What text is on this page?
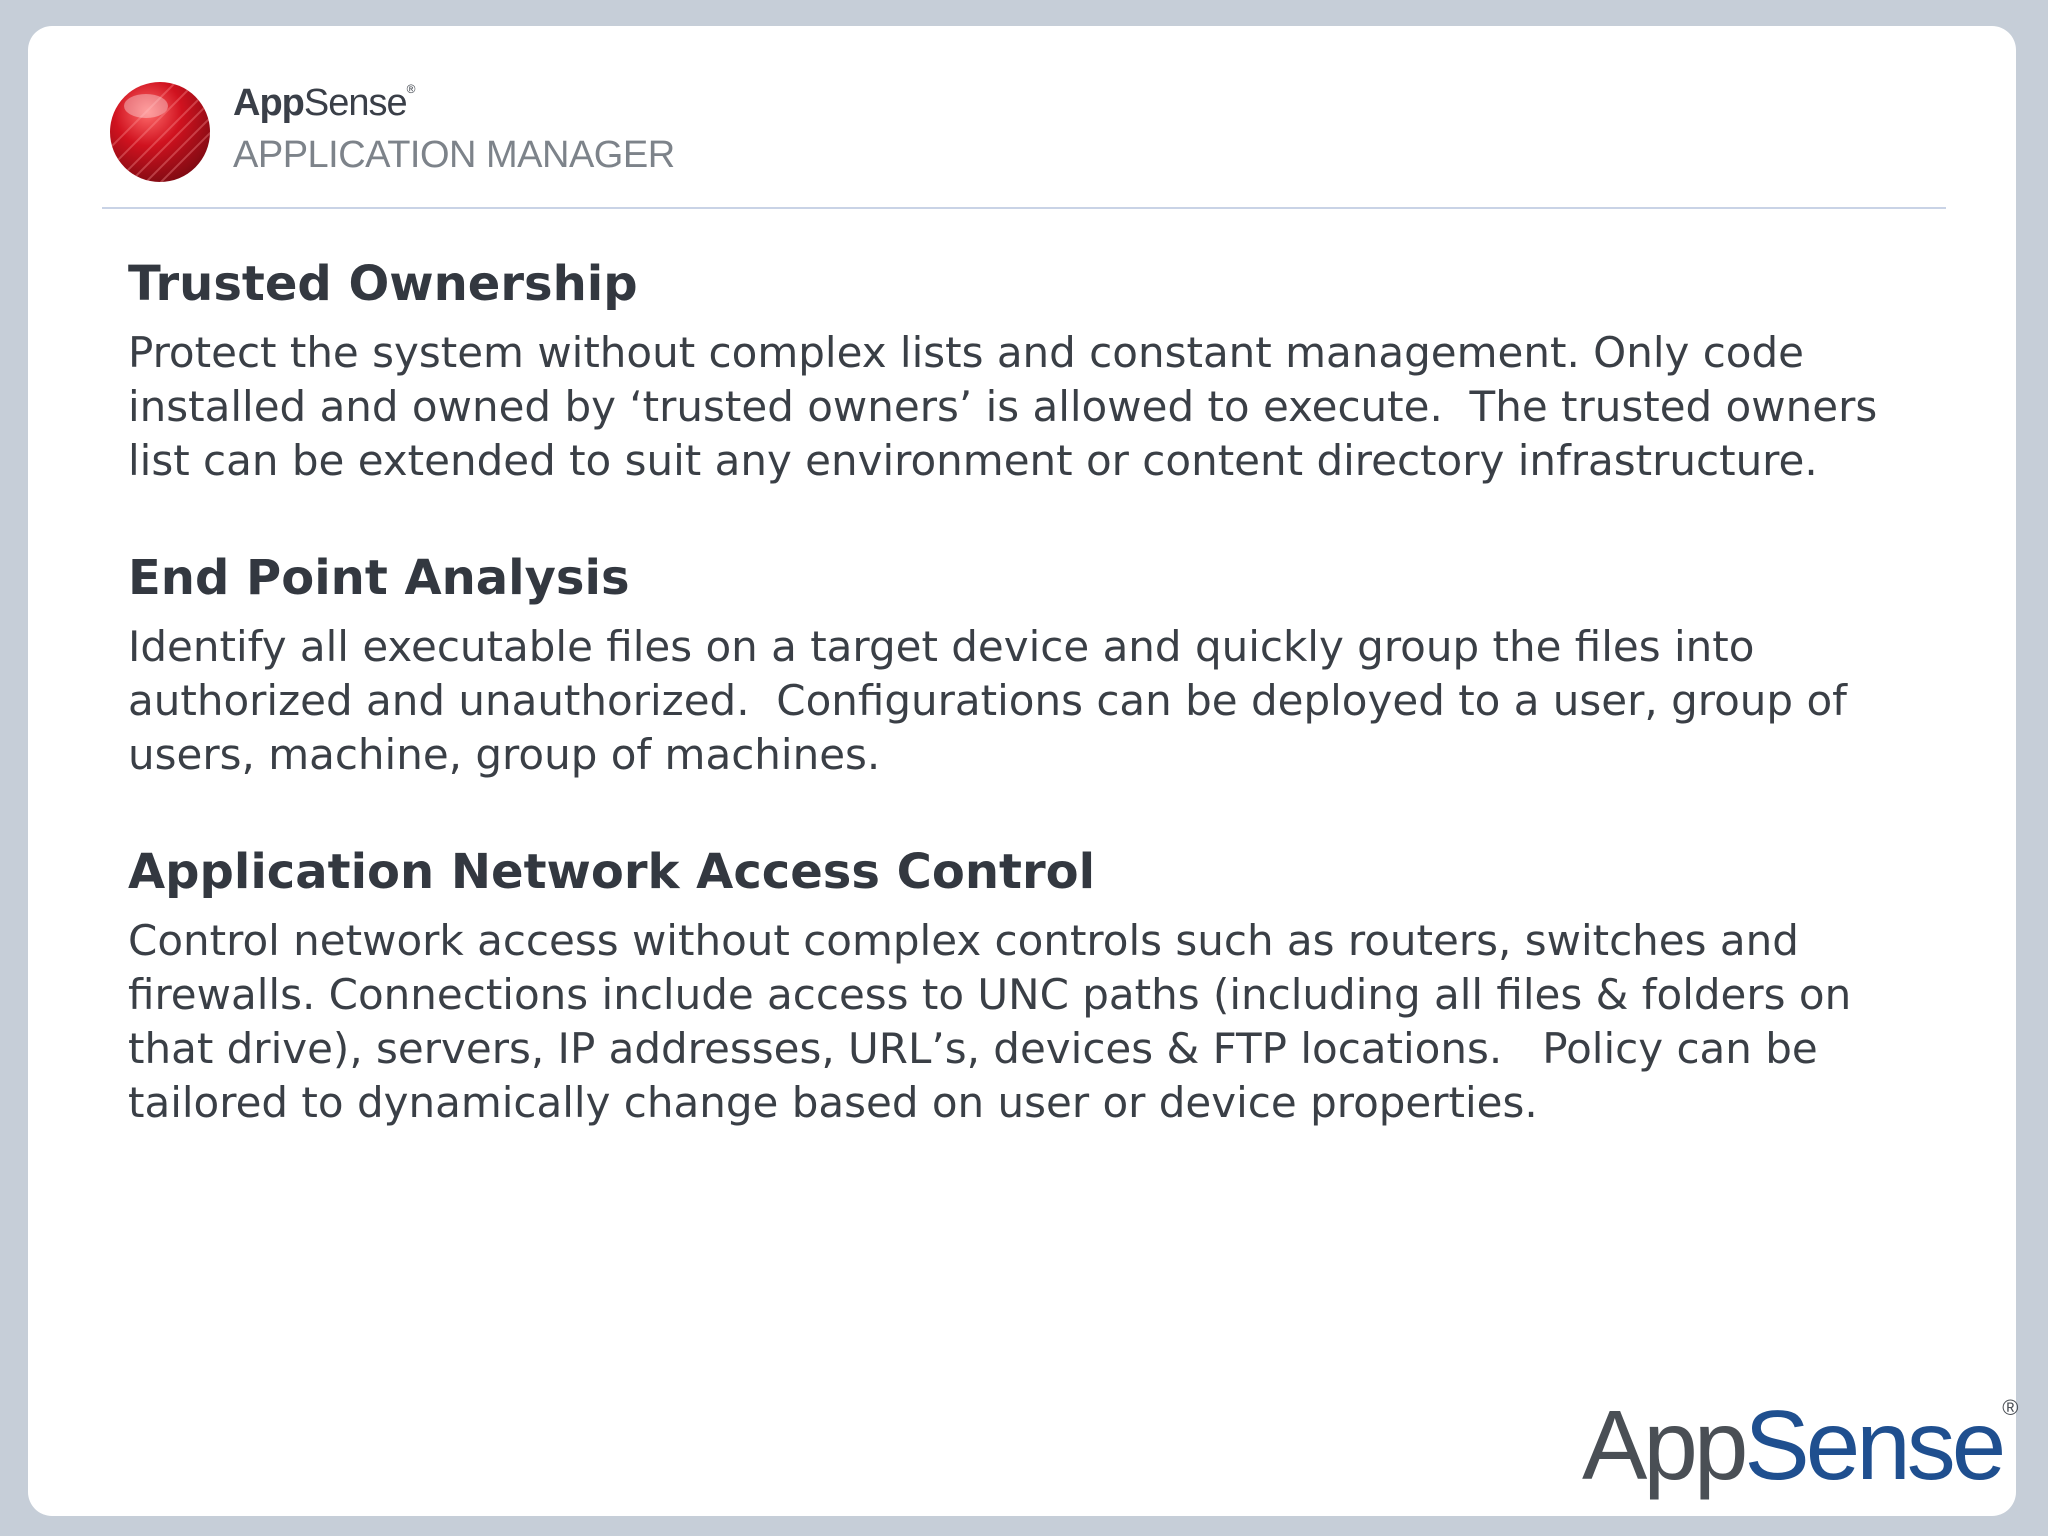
AppSense®
APPLICATION MANAGER
Trusted Ownership

Protect the system without complex lists and constant management. Only code
installed and owned by ‘trusted owners’ is allowed to execute.  The trusted owners
list can be extended to suit any environment or content directory infrastructure.

End Point Analysis

Identify all executable files on a target device and quickly group the files into
authorized and unauthorized.  Configurations can be deployed to a user, group of
users, machine, group of machines.

Application Network Access Control

Control network access without complex controls such as routers, switches and
firewalls. Connections include access to UNC paths (including all files & folders on
that drive), servers, IP addresses, URL’s, devices & FTP locations.   Policy can be
tailored to dynamically change based on user or device properties.

AppSense®
